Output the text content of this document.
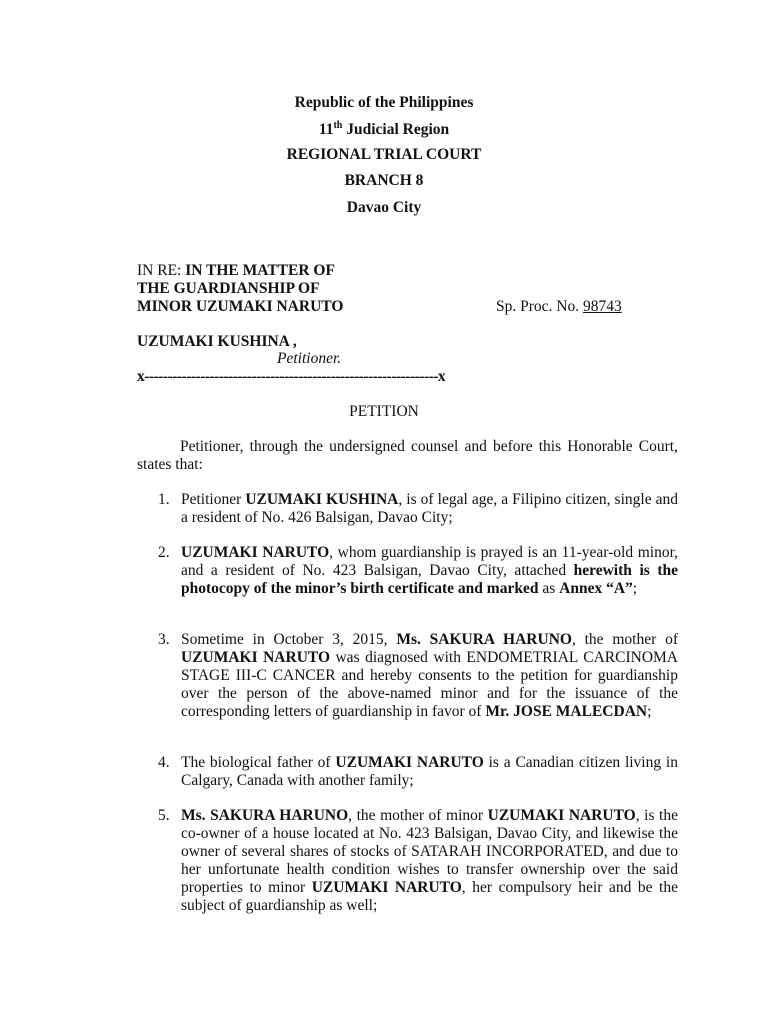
Republic of the Philippines
11th Judicial Region
REGIONAL TRIAL COURT
BRANCH 8
Davao City
IN RE: IN THE MATTER OF
THE GUARDIANSHIP OF
MINOR UZUMAKI NARUTO	Sp. Proc. No. 98743
UZUMAKI KUSHINA ,
Petitioner.
x---------------------------------------------------------------x
PETITION
Petitioner, through the undersigned counsel and before this Honorable Court, states that:
1. Petitioner UZUMAKI KUSHINA, is of legal age, a Filipino citizen, single and a resident of No. 426 Balsigan, Davao City;
2. UZUMAKI NARUTO, whom guardianship is prayed is an 11-year-old minor, and a resident of No. 423 Balsigan, Davao City, attached herewith is the photocopy of the minor’s birth certificate and marked as Annex “A”;
3. Sometime in October 3, 2015, Ms. SAKURA HARUNO, the mother of UZUMAKI NARUTO was diagnosed with ENDOMETRIAL CARCINOMA STAGE III-C CANCER and hereby consents to the petition for guardianship over the person of the above-named minor and for the issuance of the corresponding letters of guardianship in favor of Mr. JOSE MALECDAN;
4. The biological father of UZUMAKI NARUTO is a Canadian citizen living in Calgary, Canada with another family;
5. Ms. SAKURA HARUNO, the mother of minor UZUMAKI NARUTO, is the co-owner of a house located at No. 423 Balsigan, Davao City, and likewise the owner of several shares of stocks of SATARAH INCORPORATED, and due to her unfortunate health condition wishes to transfer ownership over the said properties to minor UZUMAKI NARUTO, her compulsory heir and be the subject of guardianship as well;
